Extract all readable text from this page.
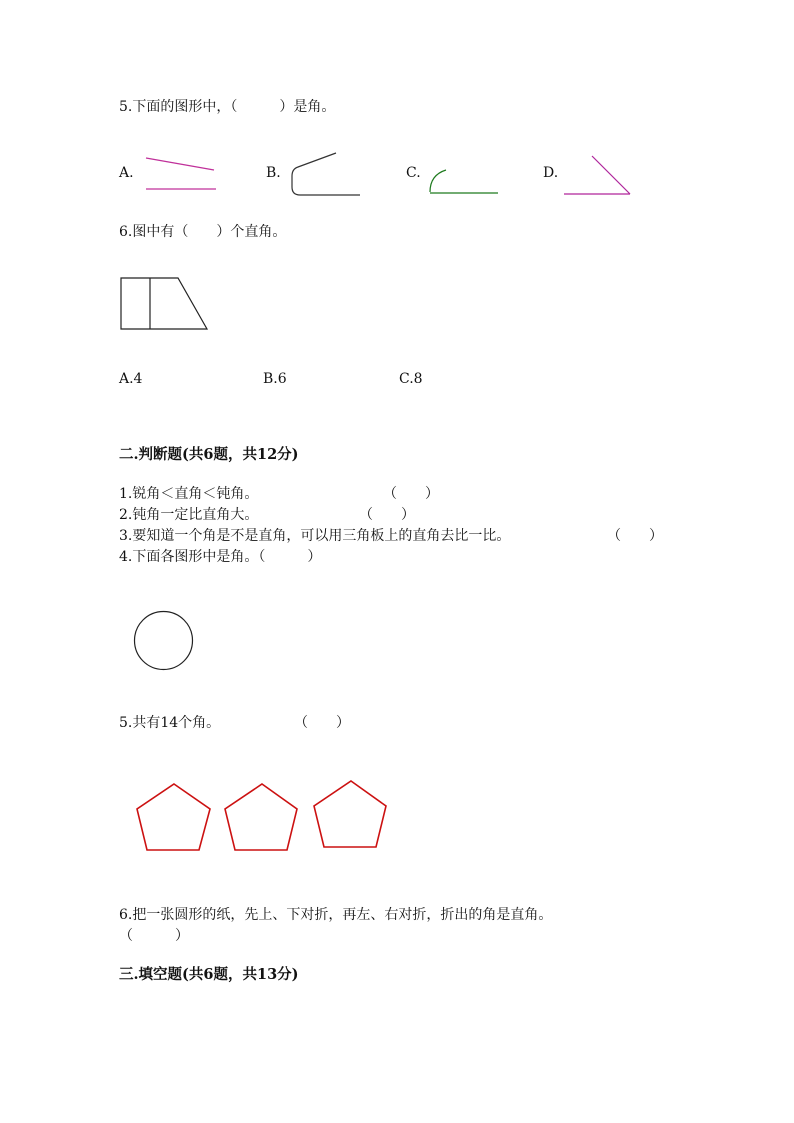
5.下面的图形中，（　　　）是角。
A.	B.	C.	D.
6.图中有（　　）个直角。
A.4	B.6	C.8
二.判断题(共6题，共12分)
1.锐角＜直角＜钝角。	（　　）
2.钝角一定比直角大。	（　　）
3.要知道一个角是不是直角，可以用三角板上的直角去比一比。	（　　）
4.下面各图形中是角。（　　　）
5.共有14个角。	（　　）
6.把一张圆形的纸，先上、下对折，再左、右对折，折出的角是直角。
（　　　）
三.填空题(共6题，共13分)
